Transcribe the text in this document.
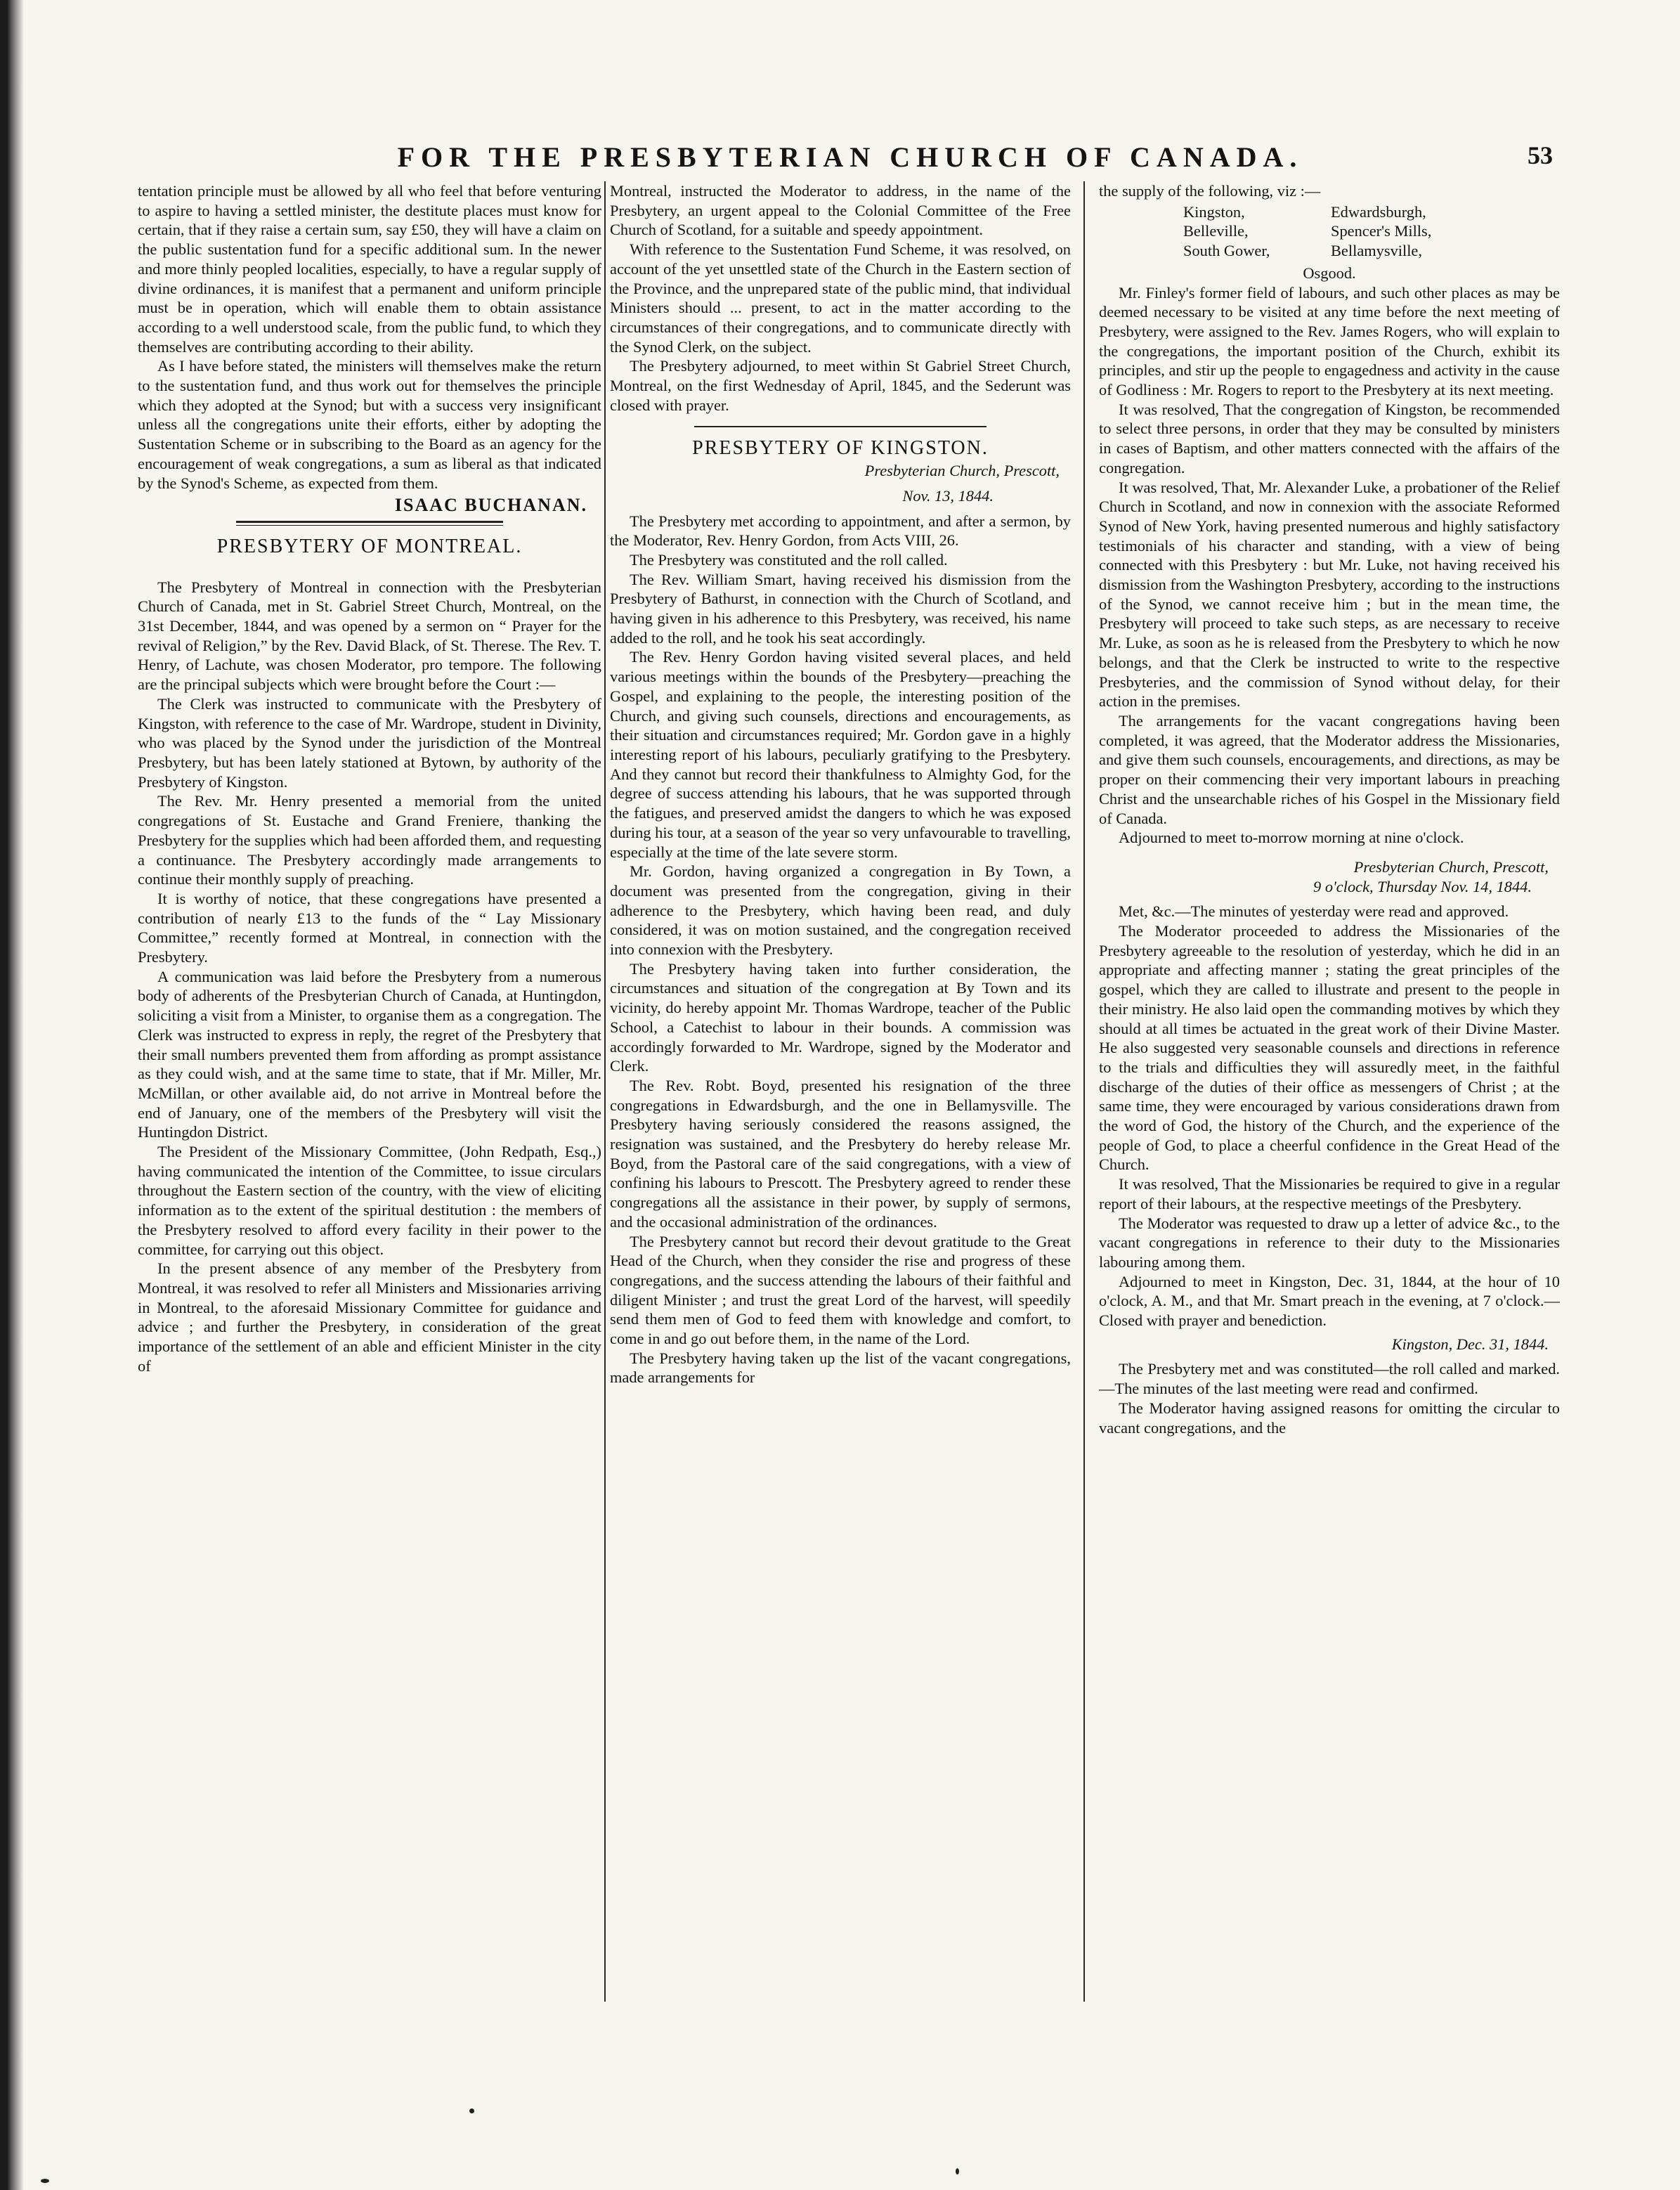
FOR THE PRESBYTERIAN CHURCH OF CANADA.	53

tentation principle must be allowed by all who feel that before venturing to aspire to having a settled minister, the destitute places must know for certain, that if they raise a certain sum, say £50, they will have a claim on the public sustentation fund for a specific additional sum. In the newer and more thinly peopled localities, especially, to have a regular supply of divine ordinances, it is manifest that a permanent and uniform principle must be in operation, which will enable them to obtain assistance according to a well understood scale, from the public fund, to which they themselves are contributing according to their ability.

As I have before stated, the ministers will themselves make the return to the sustentation fund, and thus work out for themselves the principle which they adopted at the Synod; but with a success very insignificant unless all the congregations unite their efforts, either by adopting the Sustentation Scheme or in subscribing to the Board as an agency for the encouragement of weak congregations, a sum as liberal as that indicated by the Synod's Scheme, as expected from them.

ISAAC BUCHANAN.
PRESBYTERY OF MONTREAL.

The Presbytery of Montreal in connection with the Presbyterian Church of Canada, met in St. Gabriel Street Church, Montreal, on the 31st December, 1844, and was opened by a sermon on “ Prayer for the revival of Religion,” by the Rev. David Black, of St. Therese. The Rev. T. Henry, of Lachute, was chosen Moderator, pro tempore. The following are the principal subjects which were brought before the Court :—

The Clerk was instructed to communicate with the Presbytery of Kingston, with reference to the case of Mr. Wardrope, student in Divinity, who was placed by the Synod under the jurisdiction of the Montreal Presbytery, but has been lately stationed at Bytown, by authority of the Presbytery of Kingston.

The Rev. Mr. Henry presented a memorial from the united congregations of St. Eustache and Grand Freniere, thanking the Presbytery for the supplies which had been afforded them, and requesting a continuance. The Presbytery accordingly made arrangements to continue their monthly supply of preaching.

It is worthy of notice, that these congregations have presented a contribution of nearly £13 to the funds of the “ Lay Missionary Committee,” recently formed at Montreal, in connection with the Presbytery.

A communication was laid before the Presbytery from a numerous body of adherents of the Presbyterian Church of Canada, at Huntingdon, soliciting a visit from a Minister, to organise them as a congregation. The Clerk was instructed to express in reply, the regret of the Presbytery that their small numbers prevented them from affording as prompt assistance as they could wish, and at the same time to state, that if Mr. Miller, Mr. McMillan, or other available aid, do not arrive in Montreal before the end of January, one of the members of the Presbytery will visit the Huntingdon District.

The President of the Missionary Committee, (John Redpath, Esq.,) having communicated the intention of the Committee, to issue circulars throughout the Eastern section of the country, with the view of eliciting information as to the extent of the spiritual destitution : the members of the Presbytery resolved to afford every facility in their power to the committee, for carrying out this object.

In the present absence of any member of the Presbytery from Montreal, it was resolved to refer all Ministers and Missionaries arriving in Montreal, to the aforesaid Missionary Committee for guidance and advice ; and further the Presbytery, in consideration of the great importance of the settlement of an able and efficient Minister in the city of

Montreal, instructed the Moderator to address, in the name of the Presbytery, an urgent appeal to the Colonial Committee of the Free Church of Scotland, for a suitable and speedy appointment.

With reference to the Sustentation Fund Scheme, it was resolved, on account of the yet unsettled state of the Church in the Eastern section of the Province, and the unprepared state of the public mind, that individual Ministers should ... present, to act in the matter according to the circumstances of their congregations, and to communicate directly with the Synod Clerk, on the subject.

The Presbytery adjourned, to meet within St Gabriel Street Church, Montreal, on the first Wednesday of April, 1845, and the Sederunt was closed with prayer.

PRESBYTERY OF KINGSTON.
Presbyterian Church, Prescott,
Nov. 13, 1844.

The Presbytery met according to appointment, and after a sermon, by the Moderator, Rev. Henry Gordon, from Acts VIII, 26.

The Presbytery was constituted and the roll called.

The Rev. William Smart, having received his dismission from the Presbytery of Bathurst, in connection with the Church of Scotland, and having given in his adherence to this Presbytery, was received, his name added to the roll, and he took his seat accordingly.

The Rev. Henry Gordon having visited several places, and held various meetings within the bounds of the Presbytery—preaching the Gospel, and explaining to the people, the interesting position of the Church, and giving such counsels, directions and encouragements, as their situation and circumstances required; Mr. Gordon gave in a highly interesting report of his labours, peculiarly gratifying to the Presbytery. And they cannot but record their thankfulness to Almighty God, for the degree of success attending his labours, that he was supported through the fatigues, and preserved amidst the dangers to which he was exposed during his tour, at a season of the year so very unfavourable to travelling, especially at the time of the late severe storm.

Mr. Gordon, having organized a congregation in By Town, a document was presented from the congregation, giving in their adherence to the Presbytery, which having been read, and duly considered, it was on motion sustained, and the congregation received into connexion with the Presbytery.

The Presbytery having taken into further consideration, the circumstances and situation of the congregation at By Town and its vicinity, do hereby appoint Mr. Thomas Wardrope, teacher of the Public School, a Catechist to labour in their bounds. A commission was accordingly forwarded to Mr. Wardrope, signed by the Moderator and Clerk.

The Rev. Robt. Boyd, presented his resignation of the three congregations in Edwardsburgh, and the one in Bellamysville. The Presbytery having seriously considered the reasons assigned, the resignation was sustained, and the Presbytery do hereby release Mr. Boyd, from the Pastoral care of the said congregations, with a view of confining his labours to Prescott. The Presbytery agreed to render these congregations all the assistance in their power, by supply of sermons, and the occasional administration of the ordinances.

The Presbytery cannot but record their devout gratitude to the Great Head of the Church, when they consider the rise and progress of these congregations, and the success attending the labours of their faithful and diligent Minister ; and trust the great Lord of the harvest, will speedily send them men of God to feed them with knowledge and comfort, to come in and go out before them, in the name of the Lord.

The Presbytery having taken up the list of the vacant congregations, made arrangements for

the supply of the following, viz :—

Kingston,	Edwardsburgh,
Belleville,	Spencer's Mills,
South Gower,	Bellamysville,
Osgood.

Mr. Finley's former field of labours, and such other places as may be deemed necessary to be visited at any time before the next meeting of Presbytery, were assigned to the Rev. James Rogers, who will explain to the congregations, the important position of the Church, exhibit its principles, and stir up the people to engagedness and activity in the cause of Godliness : Mr. Rogers to report to the Presbytery at its next meeting.

It was resolved, That the congregation of Kingston, be recommended to select three persons, in order that they may be consulted by ministers in cases of Baptism, and other matters connected with the affairs of the congregation.

It was resolved, That, Mr. Alexander Luke, a probationer of the Relief Church in Scotland, and now in connexion with the associate Reformed Synod of New York, having presented numerous and highly satisfactory testimonials of his character and standing, with a view of being connected with this Presbytery : but Mr. Luke, not having received his dismission from the Washington Presbytery, according to the instructions of the Synod, we cannot receive him ; but in the mean time, the Presbytery will proceed to take such steps, as are necessary to receive Mr. Luke, as soon as he is released from the Presbytery to which he now belongs, and that the Clerk be instructed to write to the respective Presbyteries, and the commission of Synod without delay, for their action in the premises.

The arrangements for the vacant congregations having been completed, it was agreed, that the Moderator address the Missionaries, and give them such counsels, encouragements, and directions, as may be proper on their commencing their very important labours in preaching Christ and the unsearchable riches of his Gospel in the Missionary field of Canada.

Adjourned to meet to-morrow morning at nine o'clock.

Presbyterian Church, Prescott,
9 o'clock, Thursday Nov. 14, 1844.

Met, &c.—The minutes of yesterday were read and approved.

The Moderator proceeded to address the Missionaries of the Presbytery agreeable to the resolution of yesterday, which he did in an appropriate and affecting manner ; stating the great principles of the gospel, which they are called to illustrate and present to the people in their ministry. He also laid open the commanding motives by which they should at all times be actuated in the great work of their Divine Master. He also suggested very seasonable counsels and directions in reference to the trials and difficulties they will assuredly meet, in the faithful discharge of the duties of their office as messengers of Christ ; at the same time, they were encouraged by various considerations drawn from the word of God, the history of the Church, and the experience of the people of God, to place a cheerful confidence in the Great Head of the Church.

It was resolved, That the Missionaries be required to give in a regular report of their labours, at the respective meetings of the Presbytery.

The Moderator was requested to draw up a letter of advice &c., to the vacant congregations in reference to their duty to the Missionaries labouring among them.

Adjourned to meet in Kingston, Dec. 31, 1844, at the hour of 10 o'clock, A. M., and that Mr. Smart preach in the evening, at 7 o'clock.—Closed with prayer and benediction.

Kingston, Dec. 31, 1844.

The Presbytery met and was constituted—the roll called and marked.—The minutes of the last meeting were read and confirmed.

The Moderator having assigned reasons for omitting the circular to vacant congregations, and the
